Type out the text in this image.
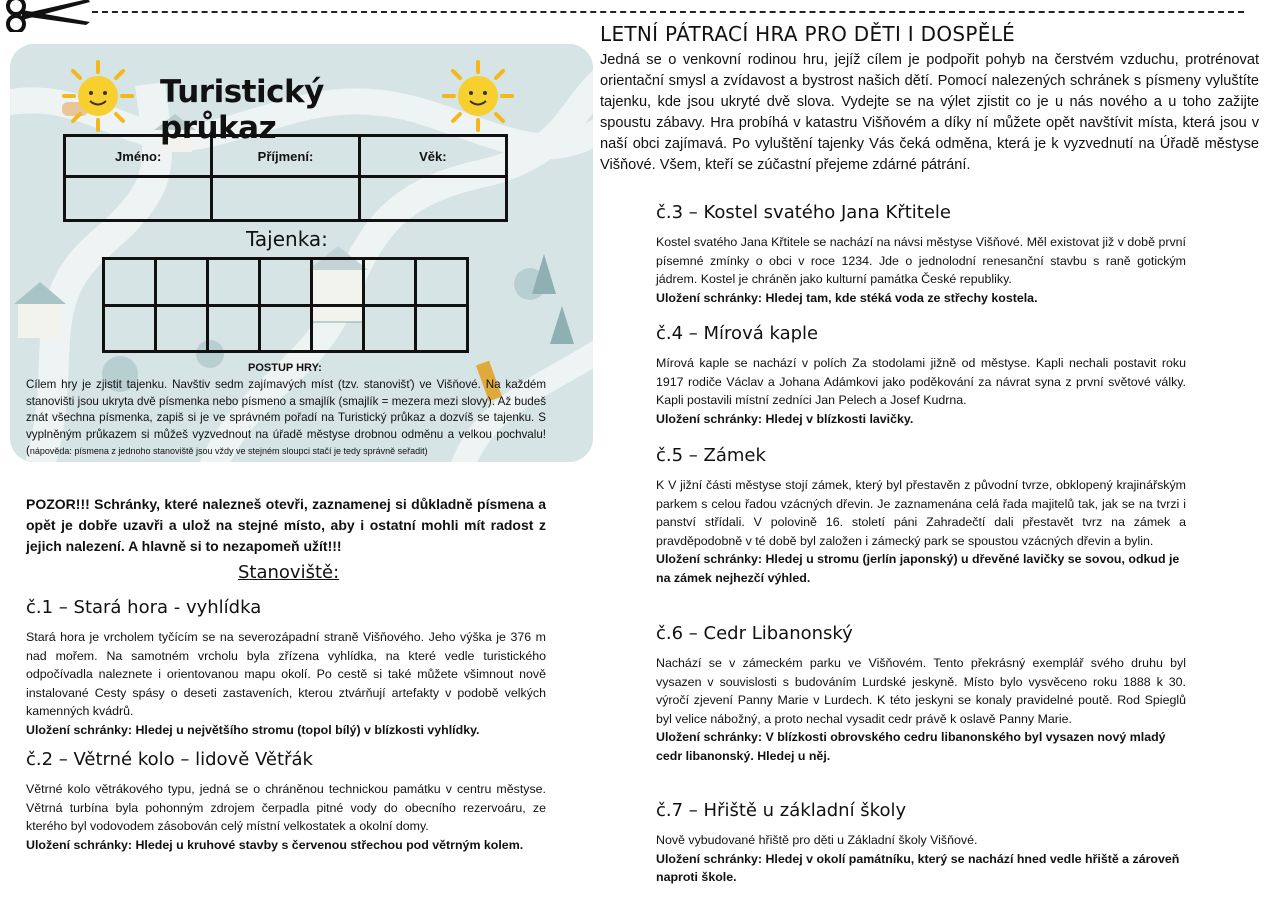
Turistický průkaz
Jméno:	Příjmení:	Věk:

Tajenka:

POSTUP HRY:
Cílem hry je zjistit tajenku. Navštiv sedm zajímavých míst (tzv. stanovišť) ve Višňové. Na každém stanovišti jsou ukryta dvě písmenka nebo písmeno a smajlík (smajlík = mezera mezi slovy). Až budeš znát všechna písmenka, zapiš si je ve správném pořadí na Turistický průkaz a dozvíš se tajenku. S vyplněným průkazem si můžeš vyzvednout na úřadě městyse drobnou odměnu a velkou pochvalu! (nápověda: písmena z jednoho stanoviště jsou vždy ve stejném sloupci stačí je tedy správně seřadit)
POZOR!!! Schránky, které nalezneš otevři, zaznamenej si důkladně písmena a opět je dobře uzavři a ulož na stejné místo, aby i ostatní mohli mít radost z jejich nalezení. A hlavně si to nezapomeň užít!!!
Stanoviště:
č.1 – Stará hora - vyhlídka

Stará hora je vrcholem tyčícím se na severozápadní straně Višňového. Jeho výška je 376 m nad mořem. Na samotném vrcholu byla zřízena vyhlídka, na které vedle turistického odpočívadla naleznete i orientovanou mapu okolí. Po cestě si také můžete všimnout nově instalované Cesty spásy o deseti zastaveních, kterou ztvárňují artefakty v podobě velkých kamenných kvádrů.

Uložení schránky: Hledej u největšího stromu (topol bílý) v blízkosti vyhlídky.

č.2 – Větrné kolo – lidově Větřák

Větrné kolo větrákového typu, jedná se o chráněnou technickou památku v centru městyse. Větrná turbína byla pohonným zdrojem čerpadla pitné vody do obecního rezervoáru, ze kterého byl vodovodem zásobován celý místní velkostatek a okolní domy.

Uložení schránky: Hledej u kruhové stavby s červenou střechou pod větrným kolem.

LETNÍ PÁTRACÍ HRA PRO DĚTI I DOSPĚLÉ
Jedná se o venkovní rodinou hru, jejíž cílem je podpořit pohyb na čerstvém vzduchu, protrénovat orientační smysl a zvídavost a bystrost našich dětí. Pomocí nalezených schránek s písmeny vyluštíte tajenku, kde jsou ukryté dvě slova. Vydejte se na výlet zjistit co je u nás nového a u toho zažijte spoustu zábavy. Hra probíhá v katastru Višňovém a díky ní můžete opět navštívit místa, která jsou v naší obci zajímavá. Po vyluštění tajenky Vás čeká odměna, která je k vyzvednutí na Úřadě městyse Višňové. Všem, kteří se zúčastní přejeme zdárné pátrání.
č.3 – Kostel svatého Jana Křtitele

Kostel svatého Jana Křtitele se nachází na návsi městyse Višňové. Měl existovat již v době první písemné zmínky o obci v roce 1234. Jde o jednolodní renesanční stavbu s raně gotickým jádrem. Kostel je chráněn jako kulturní památka České republiky.

Uložení schránky: Hledej tam, kde stéká voda ze střechy kostela.

č.4 – Mírová kaple

Mírová kaple se nachází v polích Za stodolami jižně od městyse. Kapli nechali postavit roku 1917 rodiče Václav a Johana Adámkovi jako poděkování za návrat syna z první světové války. Kapli postavili místní zedníci Jan Pelech a Josef Kudrna.

Uložení schránky: Hledej v blízkosti lavičky.

č.5 – Zámek

K V jižní části městyse stojí zámek, který byl přestavěn z původní tvrze, obklopený krajinářským parkem s celou řadou vzácných dřevin. Je zaznamenána celá řada majitelů tak, jak se na tvrzi i panství střídali. V polovině 16. století páni Zahradečtí dali přestavět tvrz na zámek a pravděpodobně v té době byl založen i zámecký park se spoustou vzácných dřevin a bylin.

Uložení schránky: Hledej u stromu (jerlín japonský) u dřevěné lavičky se sovou, odkud je na zámek nejhezčí výhled.

č.6 – Cedr Libanonský

Nachází se v zámeckém parku ve Višňovém. Tento překrásný exemplář svého druhu byl vysazen v souvislosti s budováním Lurdské jeskyně. Místo bylo vysvěceno roku 1888 k 30. výročí zjevení Panny Marie v Lurdech. K této jeskyni se konaly pravidelné poutě. Rod Spieglů byl velice nábožný, a proto nechal vysadit cedr právě k oslavě Panny Marie.

Uložení schránky: V blízkosti obrovského cedru libanonského byl vysazen nový mladý cedr libanonský. Hledej u něj.

č.7 – Hřiště u základní školy

Nově vybudované hřiště pro děti u Základní školy Višňové.

Uložení schránky: Hledej v okolí památníku, který se nachází hned vedle hřiště a zároveň naproti škole.
